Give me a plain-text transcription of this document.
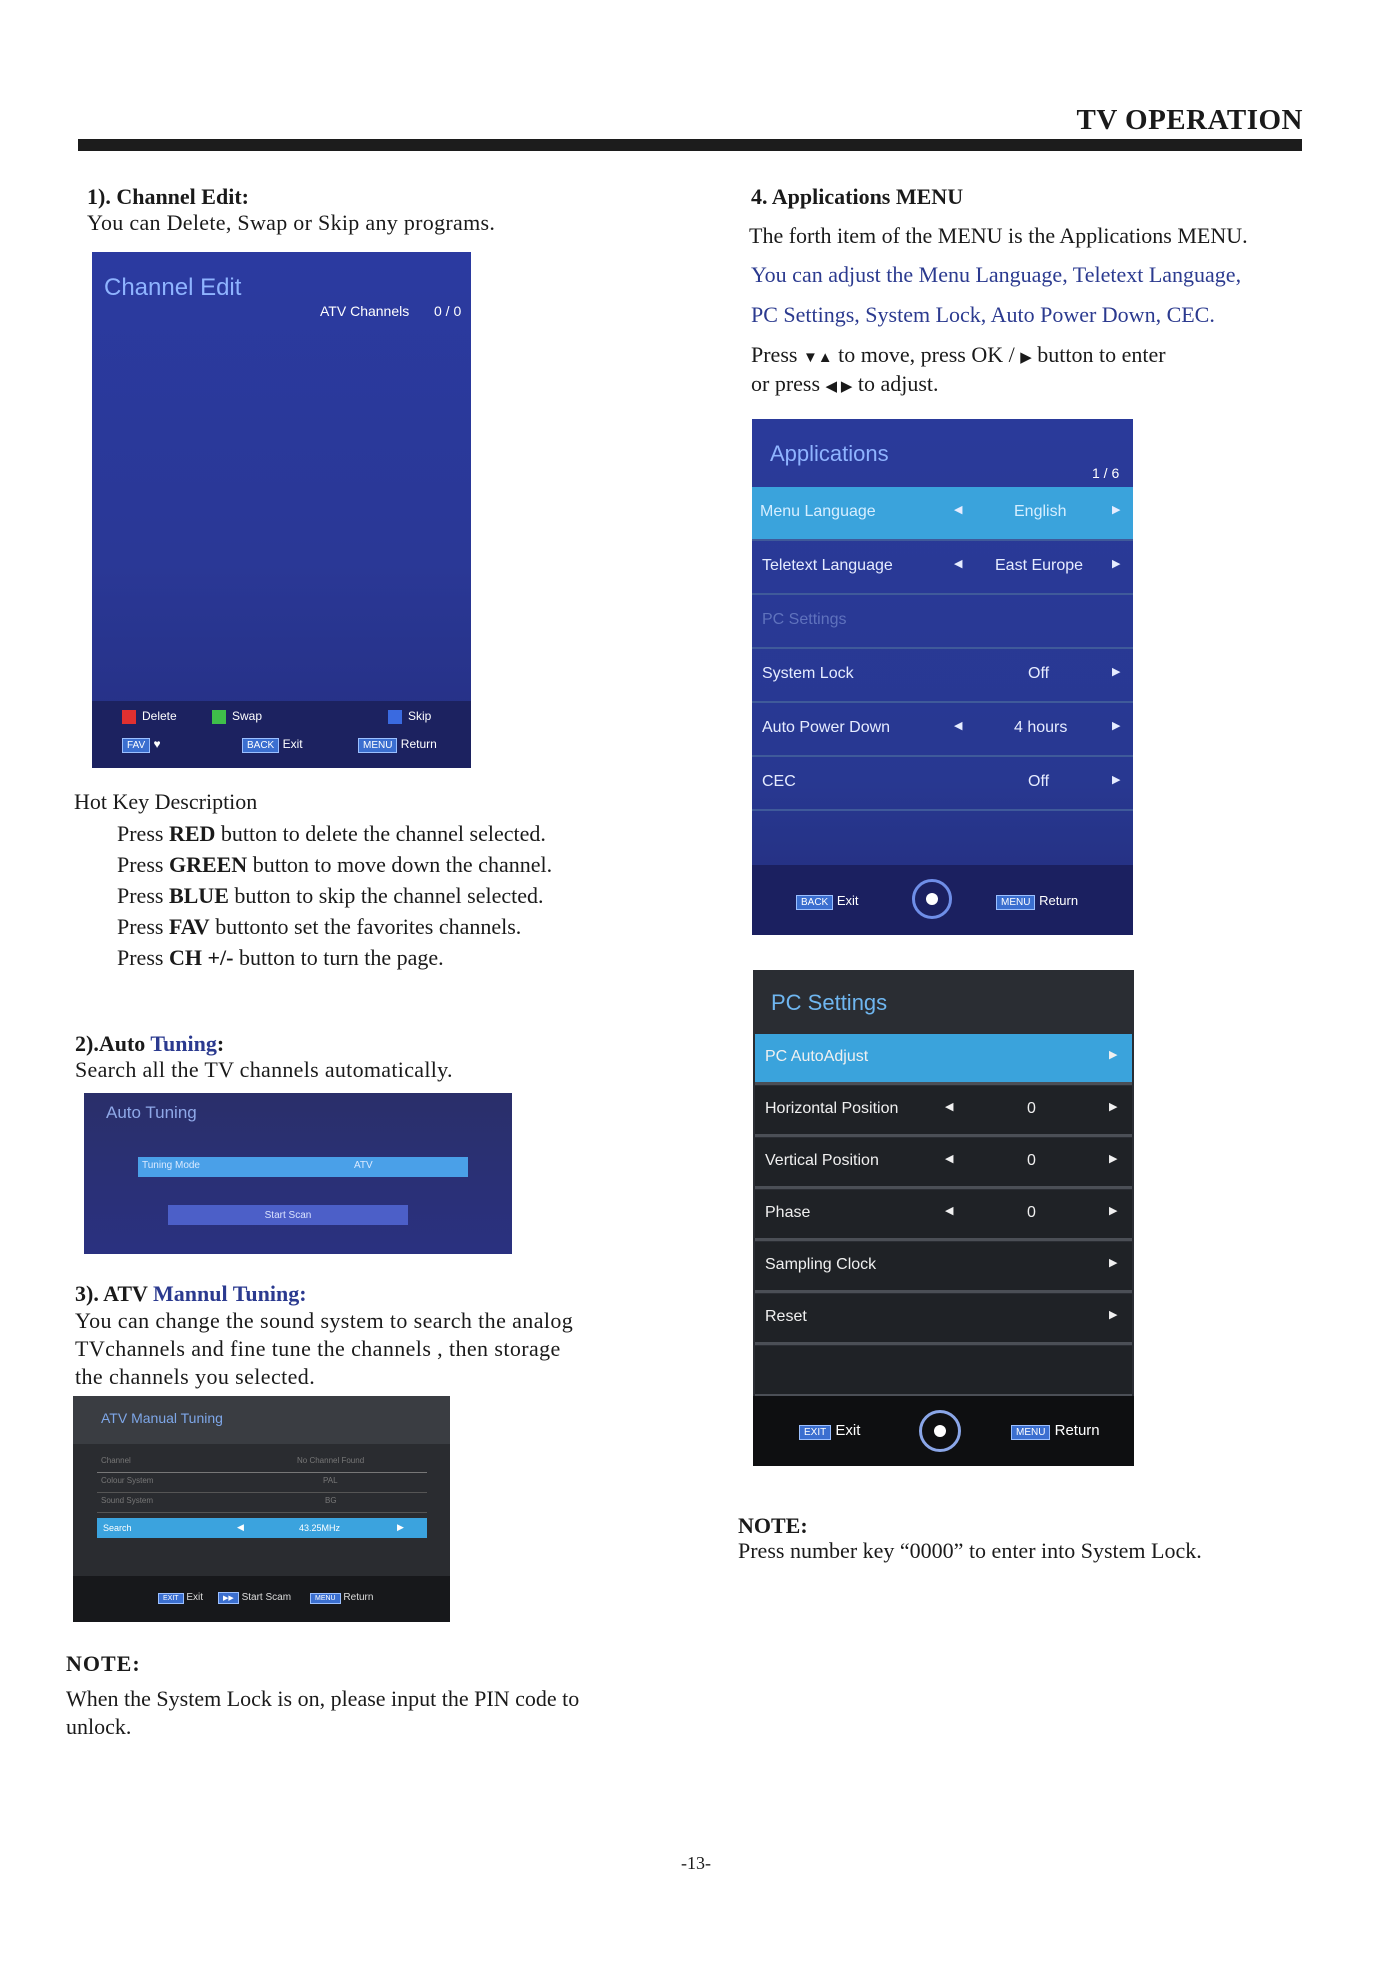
TV OPERATION
1). Channel Edit:
You can Delete, Swap or Skip any programs.
Channel Edit
ATV Channels 0 / 0
Delete	Swap	Skip
FAV ♥	BACK Exit	MENU Return
Hot Key Description
Press RED button to delete the channel selected.
Press GREEN button to move down the channel.
Press BLUE button to skip the channel selected.
Press FAV buttonto set the favorites channels.
Press CH +/- button to turn the page.
2).Auto Tuning:
Search all the TV channels automatically.
Auto Tuning
Tuning Mode	ATV
Start Scan
3). ATV Mannul Tuning:
You can change the sound system to search the analog
TVchannels and fine tune the channels , then storage
the channels you selected.
ATV Manual Tuning
Channel	No Channel Found
Colour System	PAL
Sound System	BG
Search	◀	43.25MHz	▶
EXIT Exit	▶▶ Start Scam	MENU Return
NOTE:
When the System Lock is on, please input the PIN code to
unlock.
4. Applications MENU
The forth item of the MENU is the Applications MENU.
You can adjust the Menu Language, Teletext Language,
PC Settings, System Lock, Auto Power Down, CEC.
Press ▼▲ to move, press OK / ▶ button to enter
or press ◀ ▶ to adjust.
Applications
1 / 6
Menu Language	◀	English	▶
Teletext Language	◀ East Europe	▶
PC Settings
System Lock	Off	▶
Auto Power Down	◀	4 hours	▶
CEC	Off	▶
BACK Exit	MENU Return
PC Settings
PC AutoAdjust	▶
Horizontal Position	◀	0	▶
Vertical Position	◀	0	▶
Phase	◀	0	▶
Sampling Clock	▶
Reset	▶
EXIT Exit	MENU Return
NOTE:
Press number key “0000” to enter into System Lock.
-13-
